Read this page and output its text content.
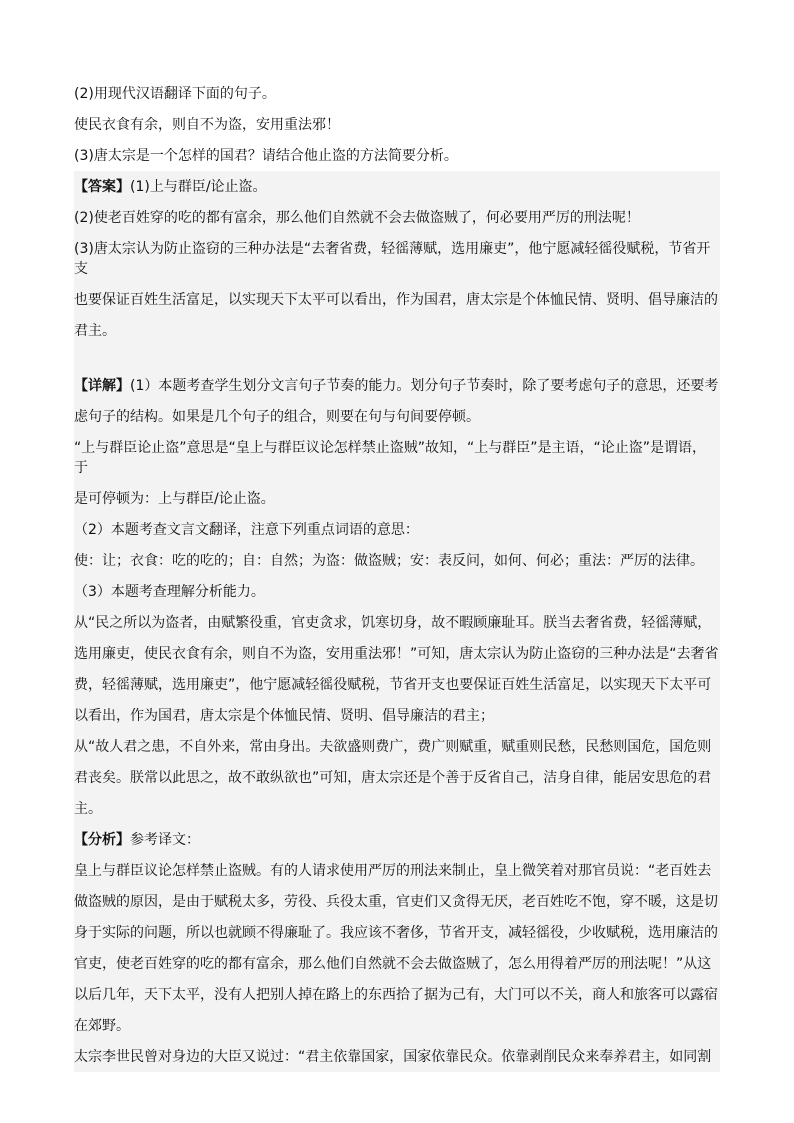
(2)用现代汉语翻译下面的句子。
使民衣食有余，则自不为盗，安用重法邪！
(3)唐太宗是一个怎样的国君？请结合他止盗的方法简要分析。
【答案】(1)上与群臣/论止盗。
(2)使老百姓穿的吃的都有富余，那么他们自然就不会去做盗贼了，何必要用严厉的刑法呢！
(3)唐太宗认为防止盗窃的三种办法是“去奢省费，轻徭薄赋，选用廉吏”，他宁愿减轻徭役赋税，节省开支
也要保证百姓生活富足，以实现天下太平可以看出，作为国君，唐太宗是个体恤民情、贤明、倡导廉洁的
君主。
【详解】(1）本题考查学生划分文言句子节奏的能力。划分句子节奏时，除了要考虑句子的意思，还要考
虑句子的结构。如果是几个句子的组合，则要在句与句间要停顿。
“上与群臣论止盗”意思是“皇上与群臣议论怎样禁止盗贼”故知，“上与群臣”是主语，“论止盗”是谓语，于
是可停顿为：上与群臣/论止盗。
（2）本题考查文言文翻译，注意下列重点词语的意思：
使：让；衣食：吃的吃的；自：自然；为盗：做盗贼；安：表反问，如何、何必；重法：严厉的法律。
（3）本题考查理解分析能力。
从“民之所以为盗者，由赋繁役重，官吏贪求，饥寒切身，故不暇顾廉耻耳。朕当去奢省费，轻徭薄赋，
选用廉吏，使民衣食有余，则自不为盗，安用重法邪！”可知，唐太宗认为防止盗窃的三种办法是“去奢省
费，轻徭薄赋，选用廉吏”，他宁愿减轻徭役赋税，节省开支也要保证百姓生活富足，以实现天下太平可
以看出，作为国君，唐太宗是个体恤民情、贤明、倡导廉洁的君主；
从“故人君之患，不自外来，常由身出。夫欲盛则费广，费广则赋重，赋重则民愁，民愁则国危，国危则
君丧矣。朕常以此思之，故不敢纵欲也”可知，唐太宗还是个善于反省自己，洁身自律，能居安思危的君
主。
【分析】参考译文：
皇上与群臣议论怎样禁止盗贼。有的人请求使用严厉的刑法来制止，皇上微笑着对那官员说：“老百姓去
做盗贼的原因，是由于赋税太多，劳役、兵役太重，官吏们又贪得无厌，老百姓吃不饱，穿不暖，这是切
身于实际的问题，所以也就顾不得廉耻了。我应该不奢侈，节省开支，减轻徭役，少收赋税，选用廉洁的
官吏，使老百姓穿的吃的都有富余，那么他们自然就不会去做盗贼了，怎么用得着严厉的刑法呢！”从这
以后几年，天下太平，没有人把别人掉在路上的东西拾了据为己有，大门可以不关，商人和旅客可以露宿
在郊野。
太宗李世民曾对身边的大臣又说过：“君主依靠国家，国家依靠民众。依靠剥削民众来奉养君主，如同割
